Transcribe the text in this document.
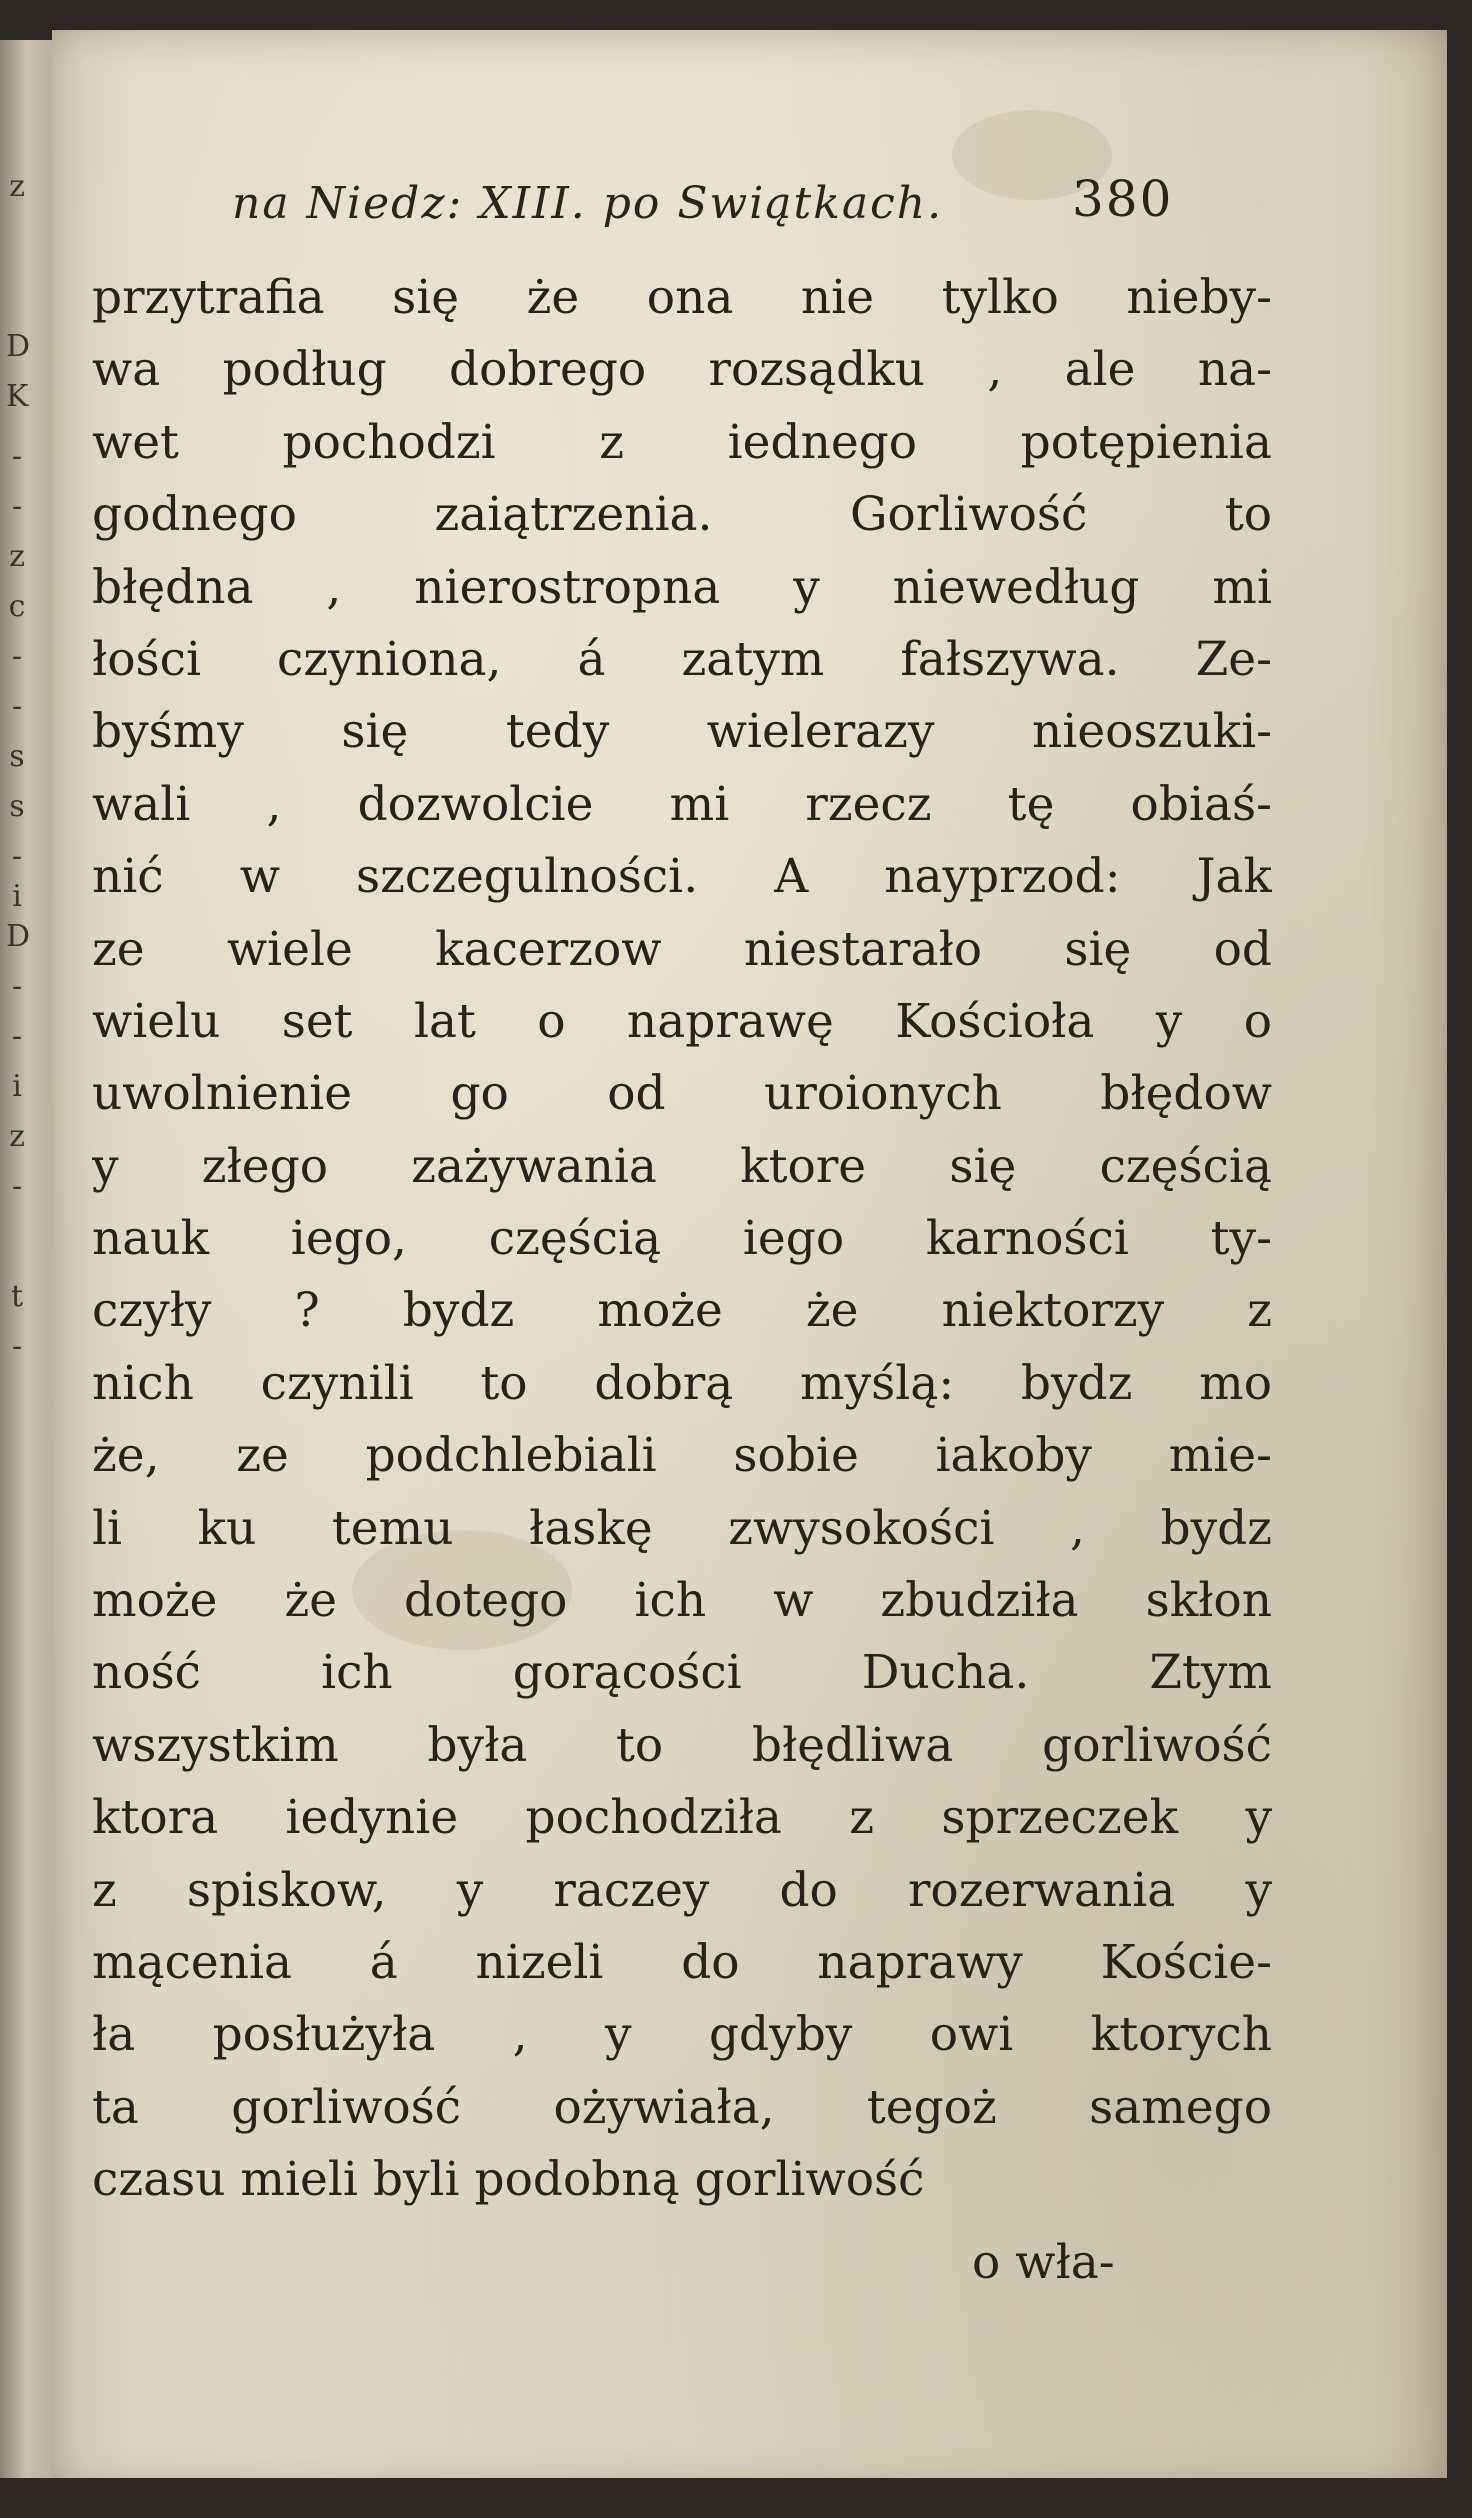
z
D
K
-
-
z
c
-
-
s
s
-
i
D
-
-
i
z
-
t
-
na Niedz: XIII. po Swiątkach.	380
przytrafia się że ona nie tylko nieby-
wa podług dobrego rozsądku , ale na-
wet pochodzi z iednego potępienia
godnego zaiątrzenia. Gorliwość to
błędna , nierostropna y niewedług mi
łości czyniona, á zatym fałszywa. Ze-
byśmy się tedy wielerazy nieoszuki-
wali , dozwolcie mi rzecz tę obiaś-
nić w szczegulności. A nayprzod: Jak
ze wiele kacerzow niestarało się od
wielu set lat o naprawę Kościoła y o
uwolnienie go od uroionych błędow
y złego zażywania ktore się częścią
nauk iego, częścią iego karności ty-
czyły ? bydz może że niektorzy z
nich czynili to dobrą myślą: bydz mo
że, ze podchlebiali sobie iakoby mie-
li ku temu łaskę zwysokości , bydz
może że dotego ich w zbudziła skłon
ność ich gorącości Ducha. Ztym
wszystkim była to błędliwa gorliwość
ktora iedynie pochodziła z sprzeczek y
z spiskow, y raczey do rozerwania y
mącenia á nizeli do naprawy Koście-
ła posłużyła , y gdyby owi ktorych
ta gorliwość ożywiała, tegoż samego
czasu mieli byli podobną gorliwość
o wła-
